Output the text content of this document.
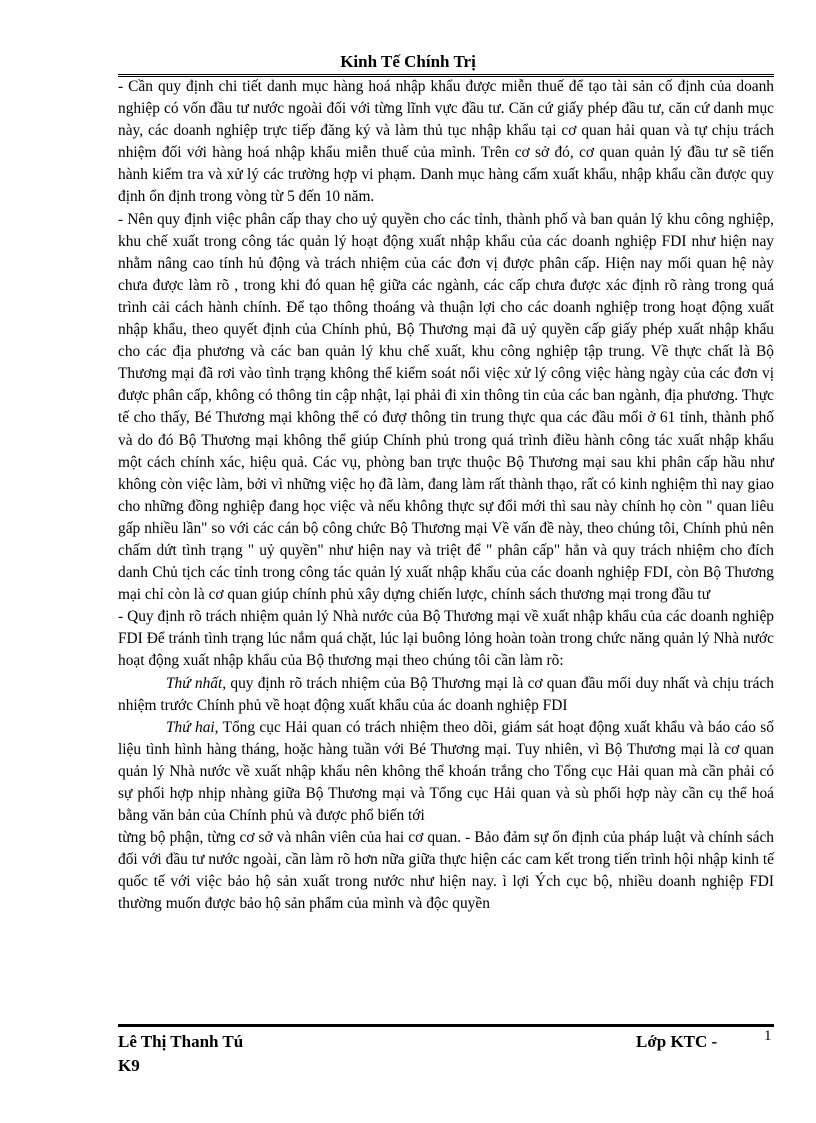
Kinh Tế Chính Trị

- Cần quy định chi tiết danh mục hàng hoá nhập khẩu được miễn thuế để tạo tài sản cố định của doanh nghiệp có vốn đầu tư nước ngoài đối với từng lĩnh vực đầu tư. Căn cứ giấy phép đầu tư, căn cứ danh mục này, các doanh nghiệp trực tiếp đăng ký và làm thủ tục nhập khẩu tại cơ quan hải quan và tự chịu trách nhiệm đối với hàng hoá nhập khẩu miễn thuế của mình. Trên cơ sở đó, cơ quan quản lý đầu tư sẽ tiến hành kiểm tra và xử lý các trường hợp vi phạm. Danh mục hàng cấm xuất khẩu, nhập khẩu cần được quy định ổn định trong vòng từ 5 đến 10 năm.

- Nên quy định việc phân cấp thay cho uỷ quyền cho các tỉnh, thành phố và ban quản lý khu công nghiệp, khu chế xuất trong công tác quản lý hoạt động xuất nhập khẩu của các doanh nghiệp FDI như hiện nay nhằm nâng cao tính hủ động và trách nhiệm của các đơn vị được phân cấp. Hiện nay mối quan hệ này chưa được làm rõ , trong khi đó quan hệ giữa các ngành, các cấp chưa được xác định rõ ràng trong quá trình cải cách hành chính. Để tạo thông thoáng và thuận lợi cho các doanh nghiệp trong hoạt động xuất nhập khẩu, theo quyết định của Chính phủ, Bộ Thương mại đã uỷ quyền cấp giấy phép xuất nhập khẩu cho các địa phương và các ban quản lý khu chế xuất, khu công nghiệp tập trung. Về thực chất là Bộ Thương mại đã rơi vào tình trạng không thể kiểm soát nổi việc xử lý công việc hàng ngày của các đơn vị được phân cấp, không có thông tin cập nhật, lại phải đi xin thông tin của các ban ngành, địa phương. Thực tế cho thấy, Bé Thương mại không thể có đượ thông tin trung thực qua các đầu mối ở 61 tỉnh, thành phố và do đó Bộ Thương mại không thể giúp Chính phủ trong quá trình điều hành công tác xuất nhập khẩu một cách chính xác, hiệu quả. Các vụ, phòng ban trực thuộc Bộ Thương mại sau khi phân cấp hầu như không còn việc làm, bởi vì những việc họ đã làm, đang làm rất thành thạo, rất có kinh nghiệm thì nay giao cho những đồng nghiệp đang học việc và nếu không thực sự đổi mới thì sau này chính họ còn " quan liêu gấp nhiều lần" so với các cán bộ công chức Bộ Thương mại Về vấn đề này, theo chúng tôi, Chính phủ nên chấm dứt tình trạng " uỷ quyền" như hiện nay và triệt để " phân cấp" hẳn và quy trách nhiệm cho đích danh Chủ tịch các tỉnh trong công tác quản lý xuất nhập khẩu của các doanh nghiệp FDI, còn Bộ Thương mại chỉ còn là cơ quan giúp chính phủ xây dựng chiến lược, chính sách thương mại trong đầu tư

- Quy định rõ trách nhiệm quản lý Nhà nước của Bộ Thương mại về xuất nhập khẩu của các doanh nghiệp FDI Để tránh tình trạng lúc nắm quá chặt, lúc lại buông lỏng hoàn toàn trong chức năng quản lý Nhà nước hoạt động xuất nhập khẩu của Bộ thương mại theo chúng tôi cần làm rõ:

Thứ nhất, quy định rõ trách nhiệm của Bộ Thương mại là cơ quan đầu mối duy nhất và chịu trách nhiệm trước Chính phủ về hoạt động xuất khẩu của ác doanh nghiệp FDI

Thứ hai, Tổng cục Hải quan có trách nhiệm theo dõi, giám sát hoạt động xuất khẩu và báo cáo số liệu tình hình hàng tháng, hoặc hàng tuần với Bé Thương mại. Tuy nhiên, vì Bộ Thương mại là cơ quan quản lý Nhà nước về xuất nhập khẩu nên không thể khoán trắng cho Tổng cục Hải quan mà cần phải có sự phối hợp nhịp nhàng giữa Bộ Thương mại và Tổng cục Hải quan và sù phối hợp này cần cụ thể hoá bằng văn bản của Chính phủ và được phổ biến tới

từng bộ phận, từng cơ sở và nhân viên của hai cơ quan. - Bảo đảm sự ổn định của pháp luật và chính sách đối với đầu tư nước ngoài, cần làm rõ hơn nữa giữa thực hiện các cam kết trong tiến trình hội nhập kinh tế quốc tế với việc bảo hộ sản xuất trong nước như hiện nay. ì lợi Ých cục bộ, nhiều doanh nghiệp FDI thường muốn được bảo hộ sản phẩm của mình và độc quyền

Lê Thị Thanh Tú
K9
Lớp KTC -	1
